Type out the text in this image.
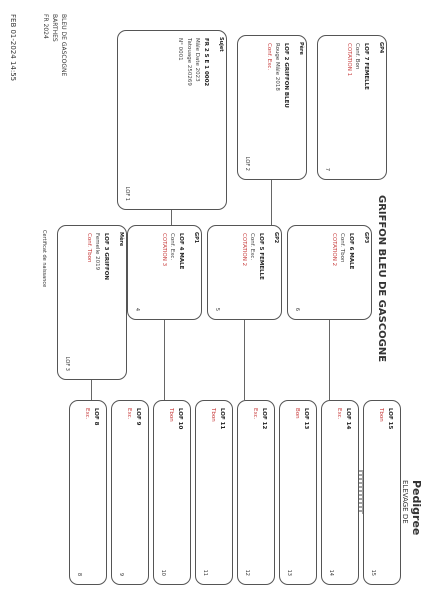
Pedigree
FEB 01-2024 14:55
ELEVAGE DE
BLEU DE GASCOGNE
BARTHES
FR 2024
GRIFFON BLEU DE GASCOGNE
Sujet
FR 2 S E 1 0002
Mâle Date 2023
Tatouage 250269
N° 0001
LOF 1
Père
LOF 2 GRIFFON BLEU
Rouge Mâle 2018
Conf. Exc.
LOF 2
Mère
LOF 3 GRIFFON
Femelle 2019
Conf. Tbon
LOF 3
GP1
LOF 4 MALE
Conf. Exc.
COTATION 3
4
GP2
LOF 5 FEMELLE
Conf. Exc.
COTATION 2
5
GP3
LOF 6 MALE
Conf. Tbon
COTATION 2
6
GP4
LOF 7 FEMELLE
Conf. Bon
COTATION 1
7
LOF 8
Exc.
8
LOF 9
Exc.
9
LOF 10
Tbon
10
LOF 11
Tbon
11
LOF 12
Exc.
12
LOF 13
Bon
13
LOF 14
Exc.
14
LOF 15
Tbon
15
Certificat de naissance
